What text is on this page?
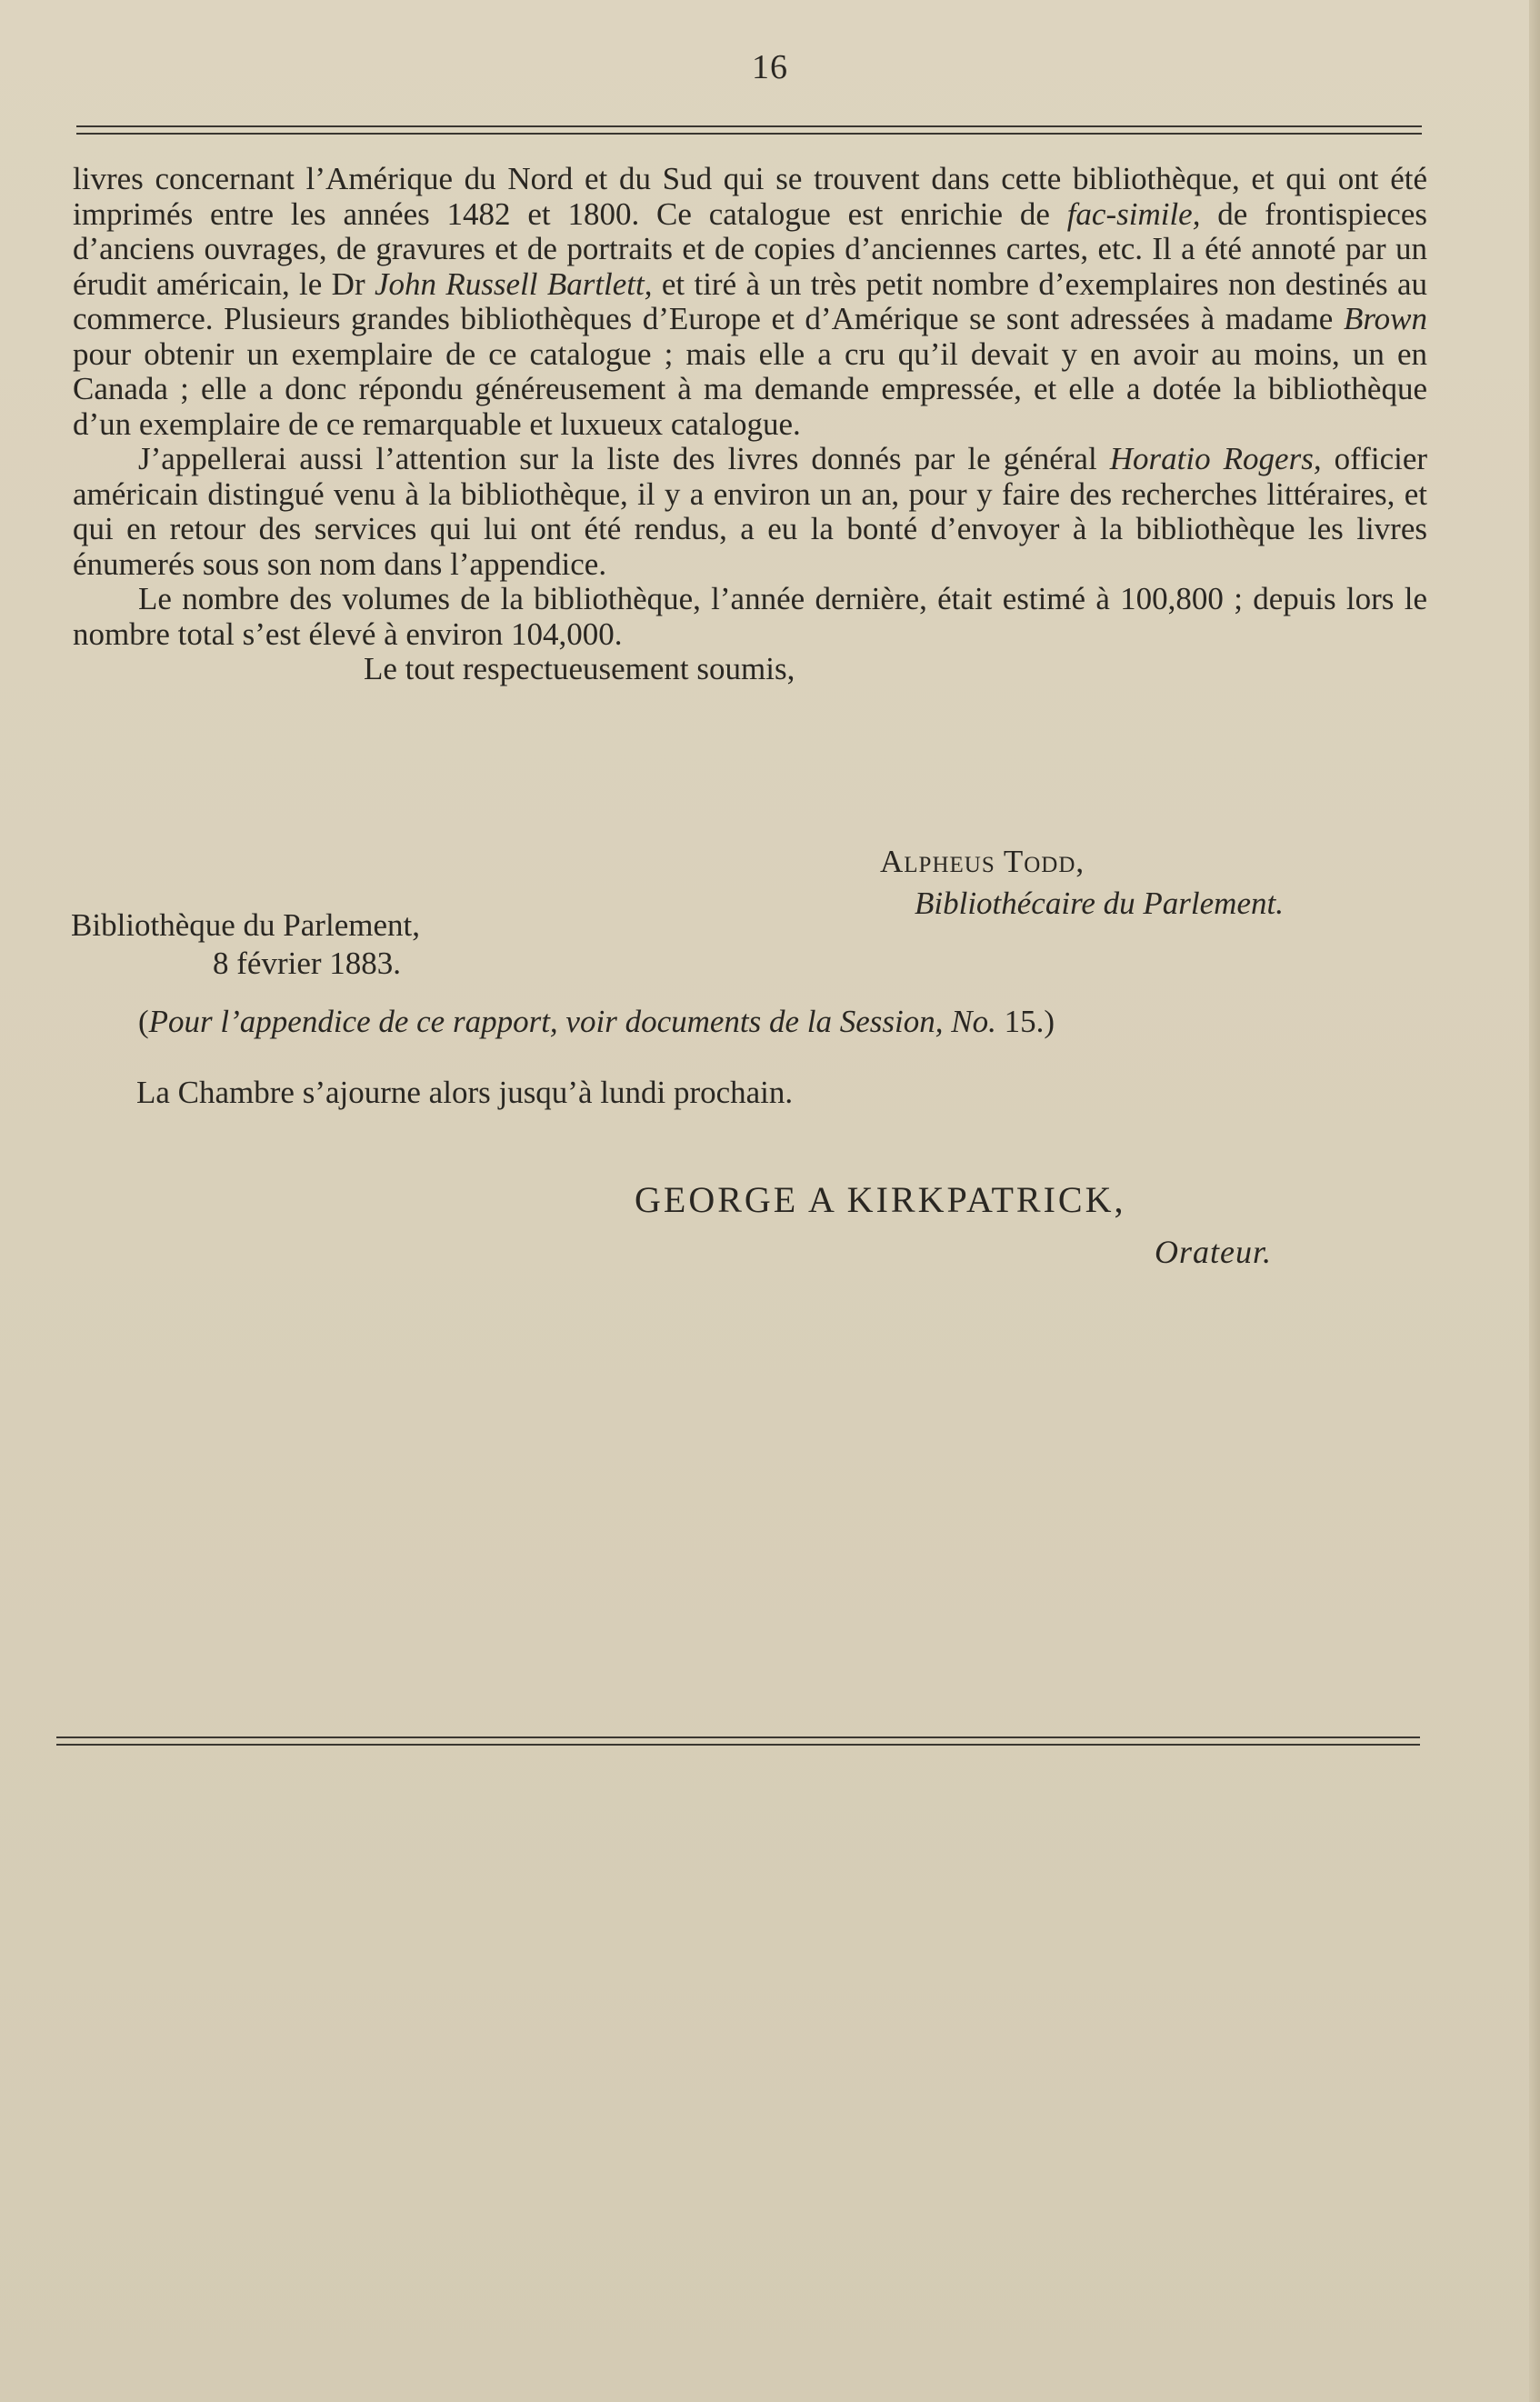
16

livres concernant l’Amérique du Nord et du Sud qui se trouvent dans cette bibliothèque, et qui ont été imprimés entre les années 1482 et 1800. Ce catalogue est enrichie de fac-simile, de frontispieces d’anciens ouvrages, de gravures et de portraits et de copies d’anciennes cartes, etc. Il a été annoté par un érudit américain, le Dr John Russell Bartlett, et tiré à un très petit nombre d’exemplaires non destinés au commerce. Plusieurs grandes bibliothèques d’Europe et d’Amérique se sont adressées à madame Brown pour obtenir un exemplaire de ce catalogue ; mais elle a cru qu’il devait y en avoir au moins, un en Canada ; elle a donc répondu généreusement à ma demande empressée, et elle a dotée la bibliothèque d’un exemplaire de ce remarquable et luxueux catalogue.

J’appellerai aussi l’attention sur la liste des livres donnés par le général Horatio Rogers, officier américain distingué venu à la bibliothèque, il y a environ un an, pour y faire des recherches littéraires, et qui en retour des services qui lui ont été rendus, a eu la bonté d’envoyer à la bibliothèque les livres énumerés sous son nom dans l’appendice.

Le nombre des volumes de la bibliothèque, l’année dernière, était estimé à 100,800 ; depuis lors le nombre total s’est élevé à environ 104,000.

Le tout respectueusement soumis,

Alpheus Todd,
Bibliothécaire du Parlement.
Bibliothèque du Parlement,
8 février 1883.
(Pour l’appendice de ce rapport, voir documents de la Session, No. 15.)
La Chambre s’ajourne alors jusqu’à lundi prochain.
GEORGE A KIRKPATRICK,
Orateur.
